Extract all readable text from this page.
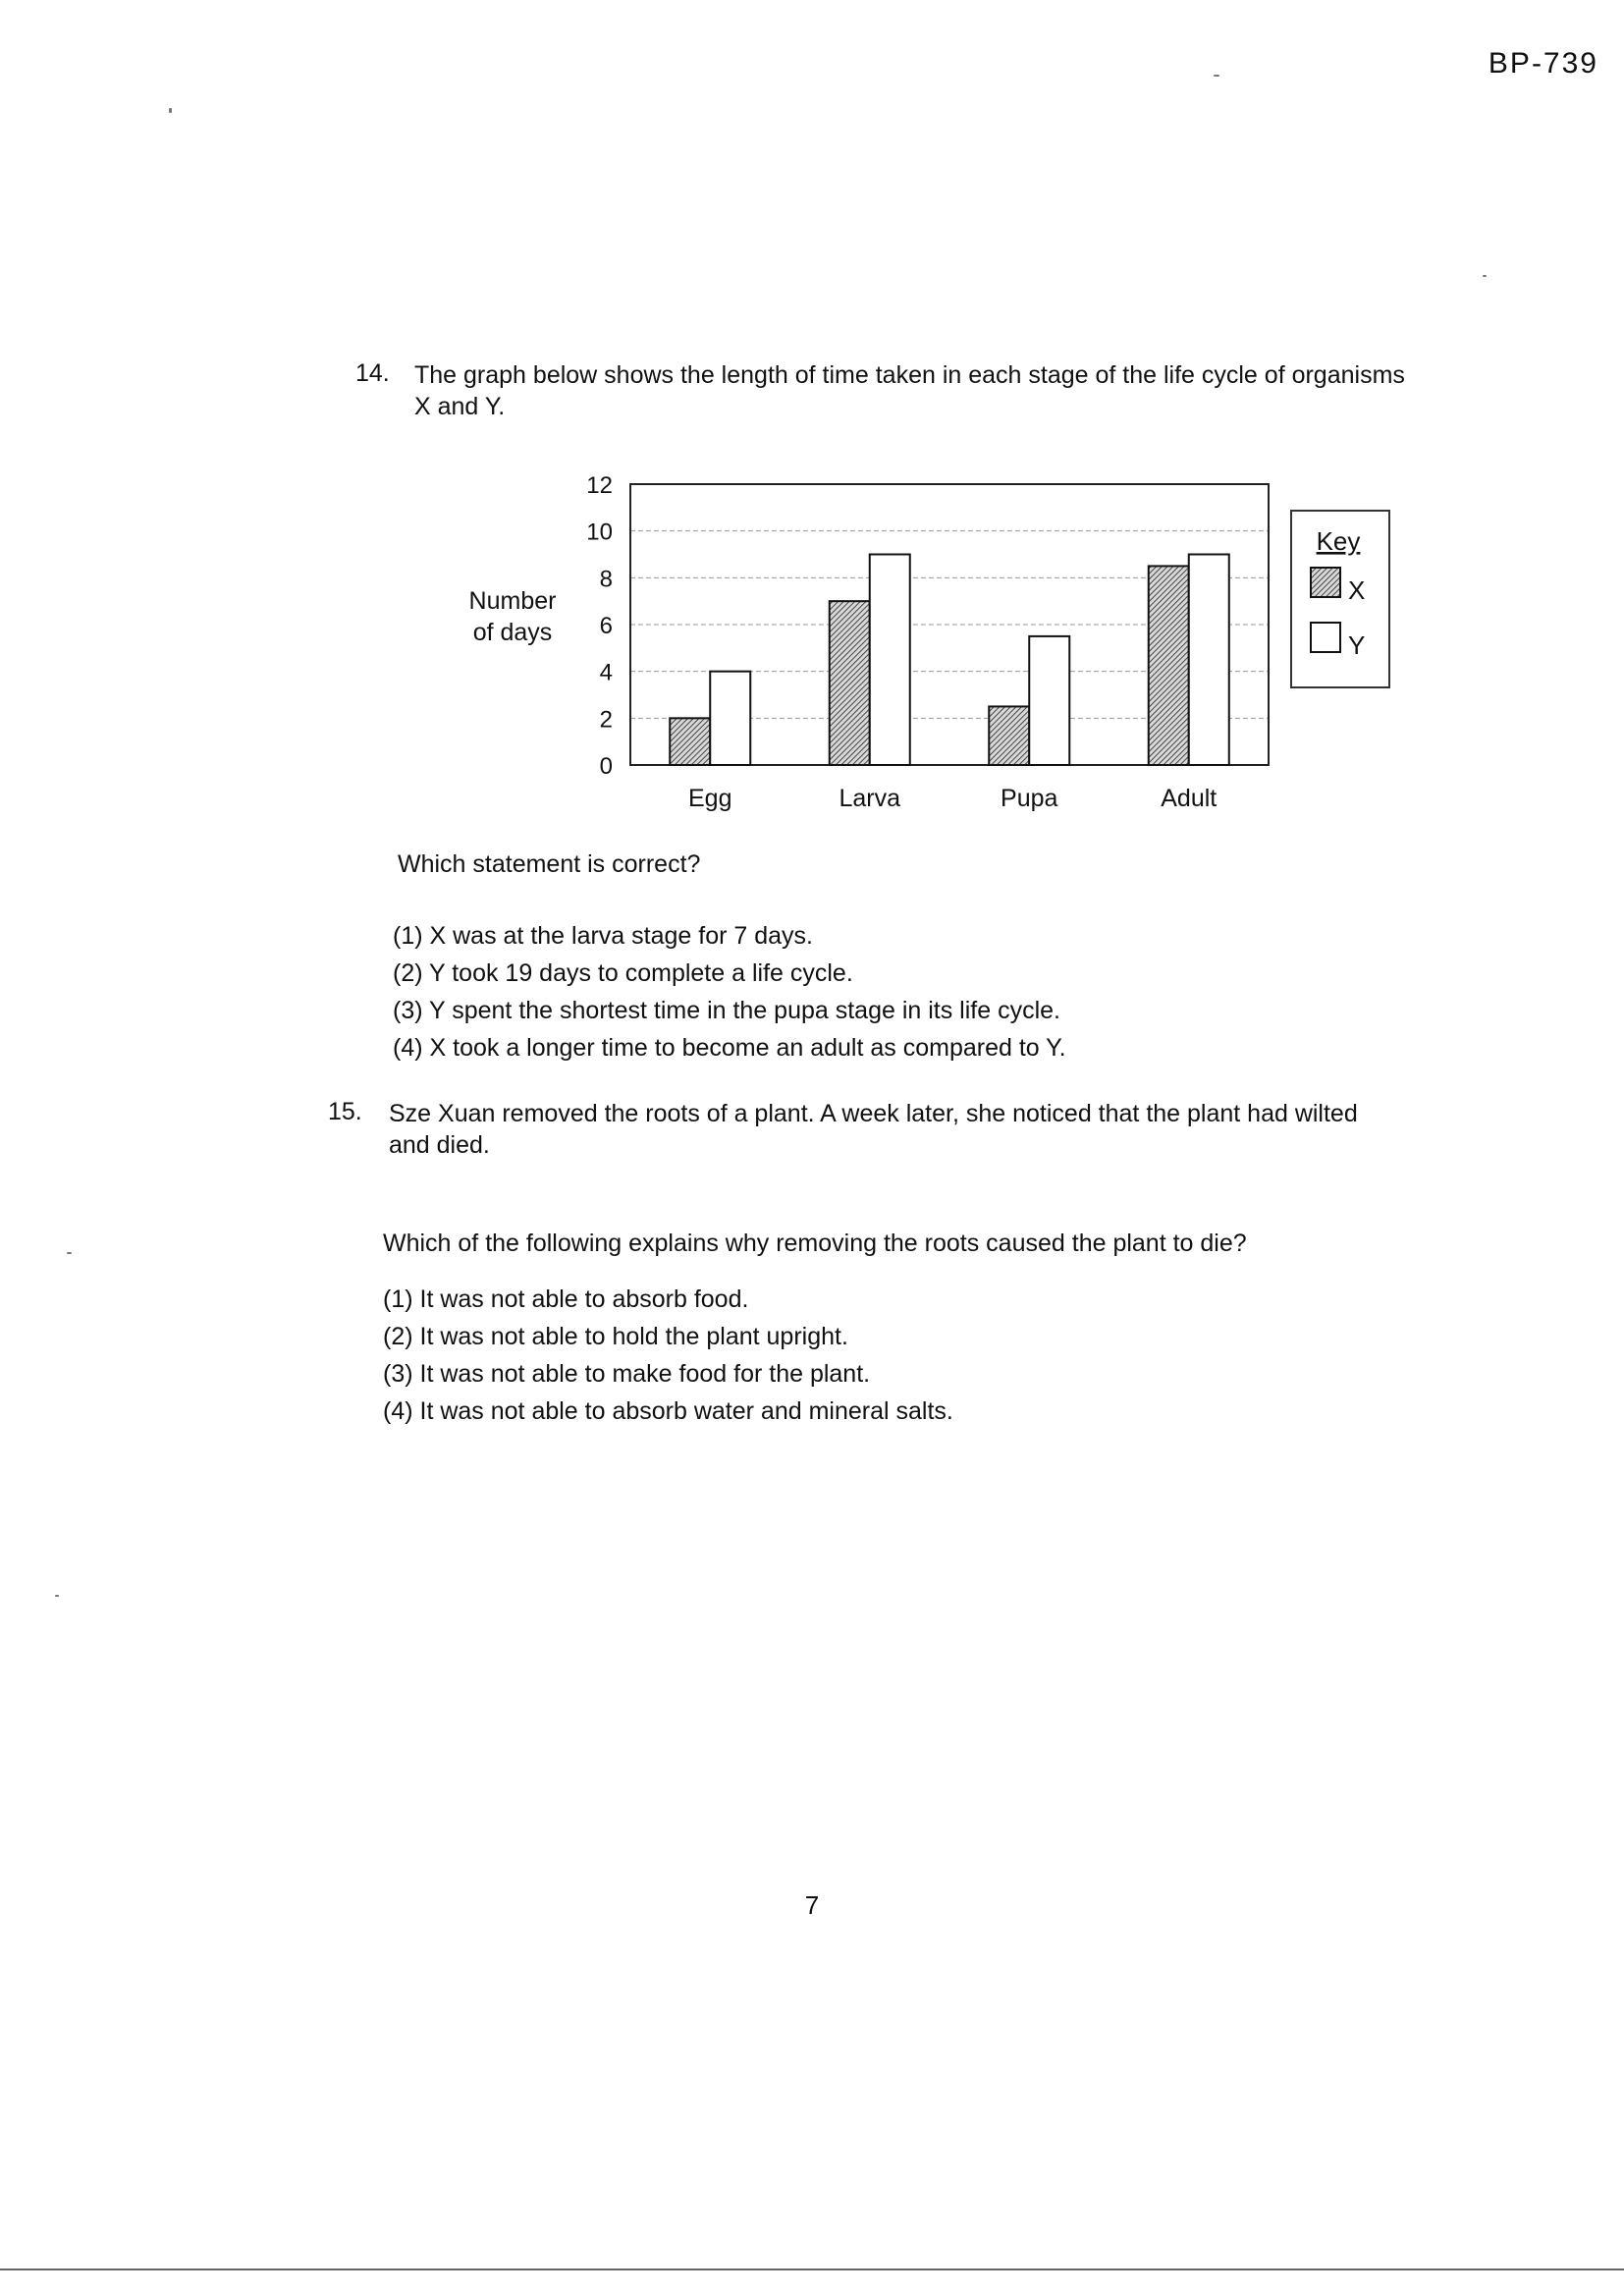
BP-739
14. The graph below shows the length of time taken in each stage of the life cycle of organisms X and Y.
0
2
4
6
8
10
12
Number
of days
Egg	Larva	Pupa	Adult
Key
X
Y
Which statement is correct?

(1) X was at the larva stage for 7 days.

(2) Y took 19 days to complete a life cycle.

(3) Y spent the shortest time in the pupa stage in its life cycle.

(4) X took a longer time to become an adult as compared to Y.

15. Sze Xuan removed the roots of a plant. A week later, she noticed that the plant had wilted and died.
Which of the following explains why removing the roots caused the plant to die?

(1) It was not able to absorb food.

(2) It was not able to hold the plant upright.

(3) It was not able to make food for the plant.

(4) It was not able to absorb water and mineral salts.

7
